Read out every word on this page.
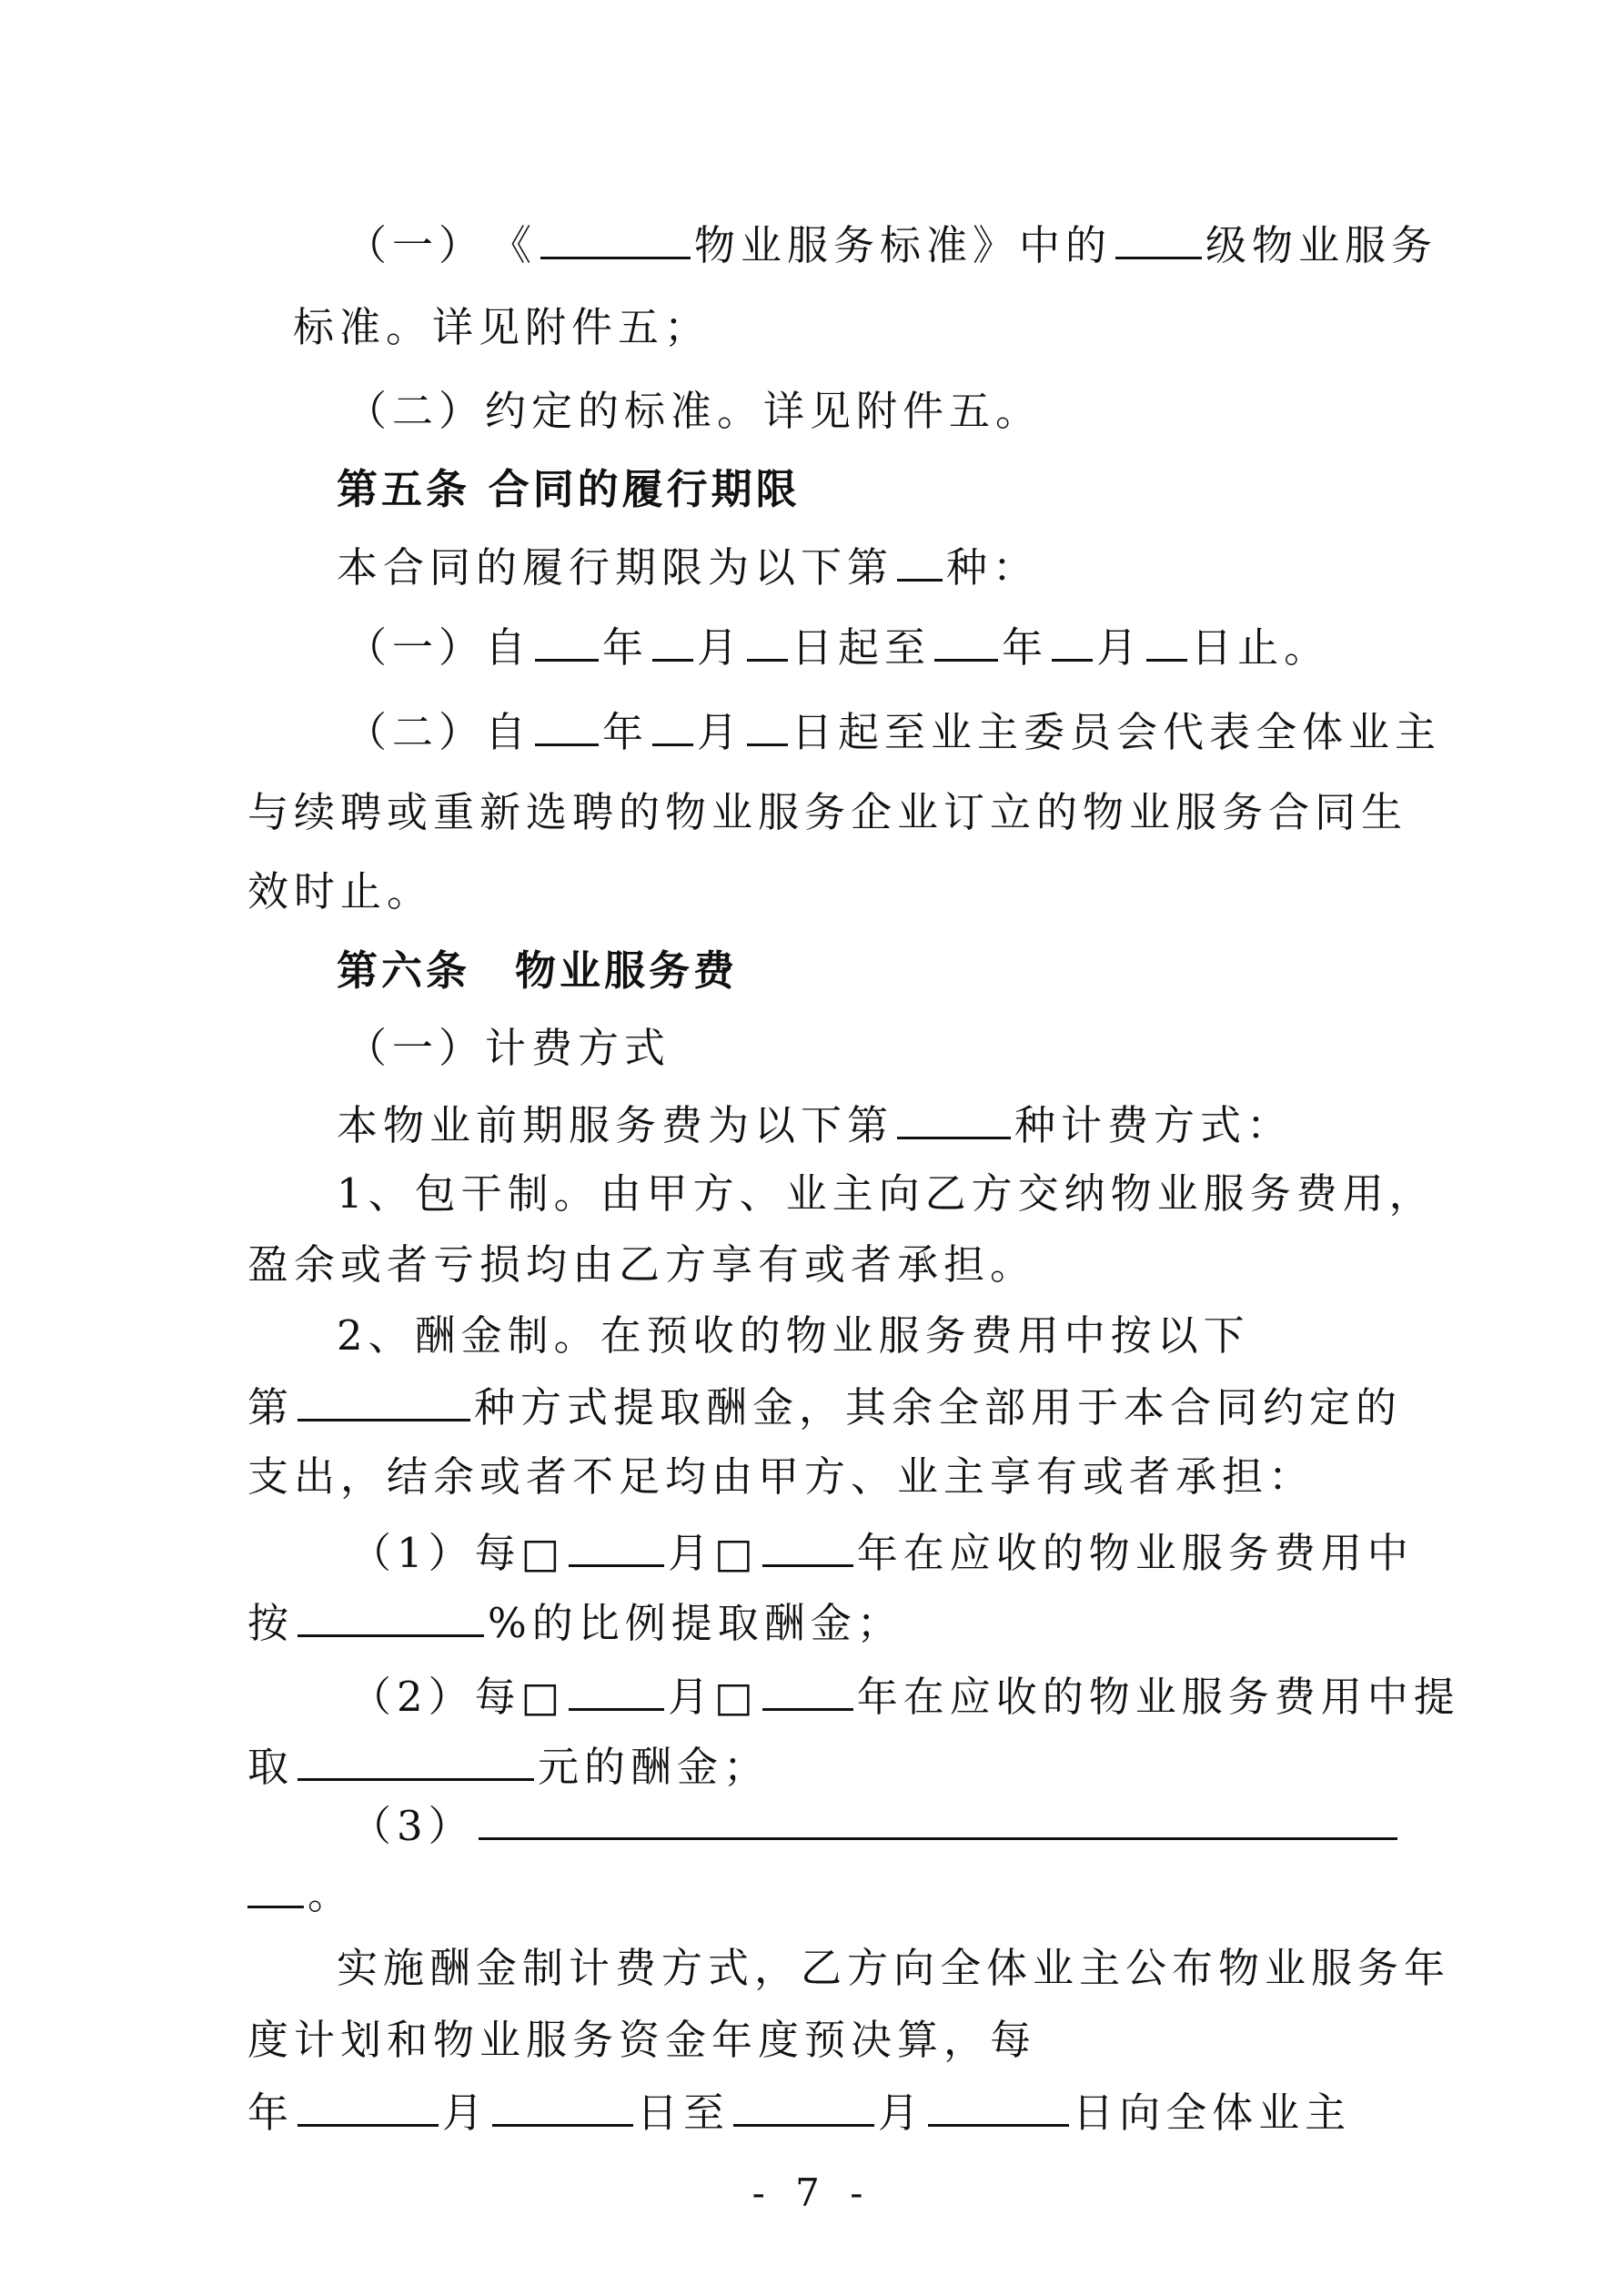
（一）　《	物业服务标准》中的 级物业服务
标准。详见附件五；
（二）约定的标准。详见附件五。
第五条 合同的履行期限
本合同的履行期限为以下第 种：
（一）自 年 月 日起至 年 月 日止。
（二）自 年 月 日起至业主委员会代表全体业主
与续聘或重新选聘的物业服务企业订立的物业服务合同生
效时止。
第六条　物业服务费
（一）计费方式
本物业前期服务费为以下第	种计费方式：
1、包干制。由甲方、业主向乙方交纳物业服务费用，
盈余或者亏损均由乙方享有或者承担。
2、酬金制。在预收的物业服务费用中按以下
第	种方式提取酬金，其余全部用于本合同约定的
支出，结余或者不足均由甲方、业主享有或者承担：
（1）每□	月□ 年在应收的物业服务费用中
按	%的比例提取酬金；
（2）每□	月□ 年在应收的物业服务费用中提
取	元的酬金；
（3）
。
实施酬金制计费方式，乙方向全体业主公布物业服务年
度计划和物业服务资金年度预决算，每
年	月	日至	月	日向全体业主
- 7 -
